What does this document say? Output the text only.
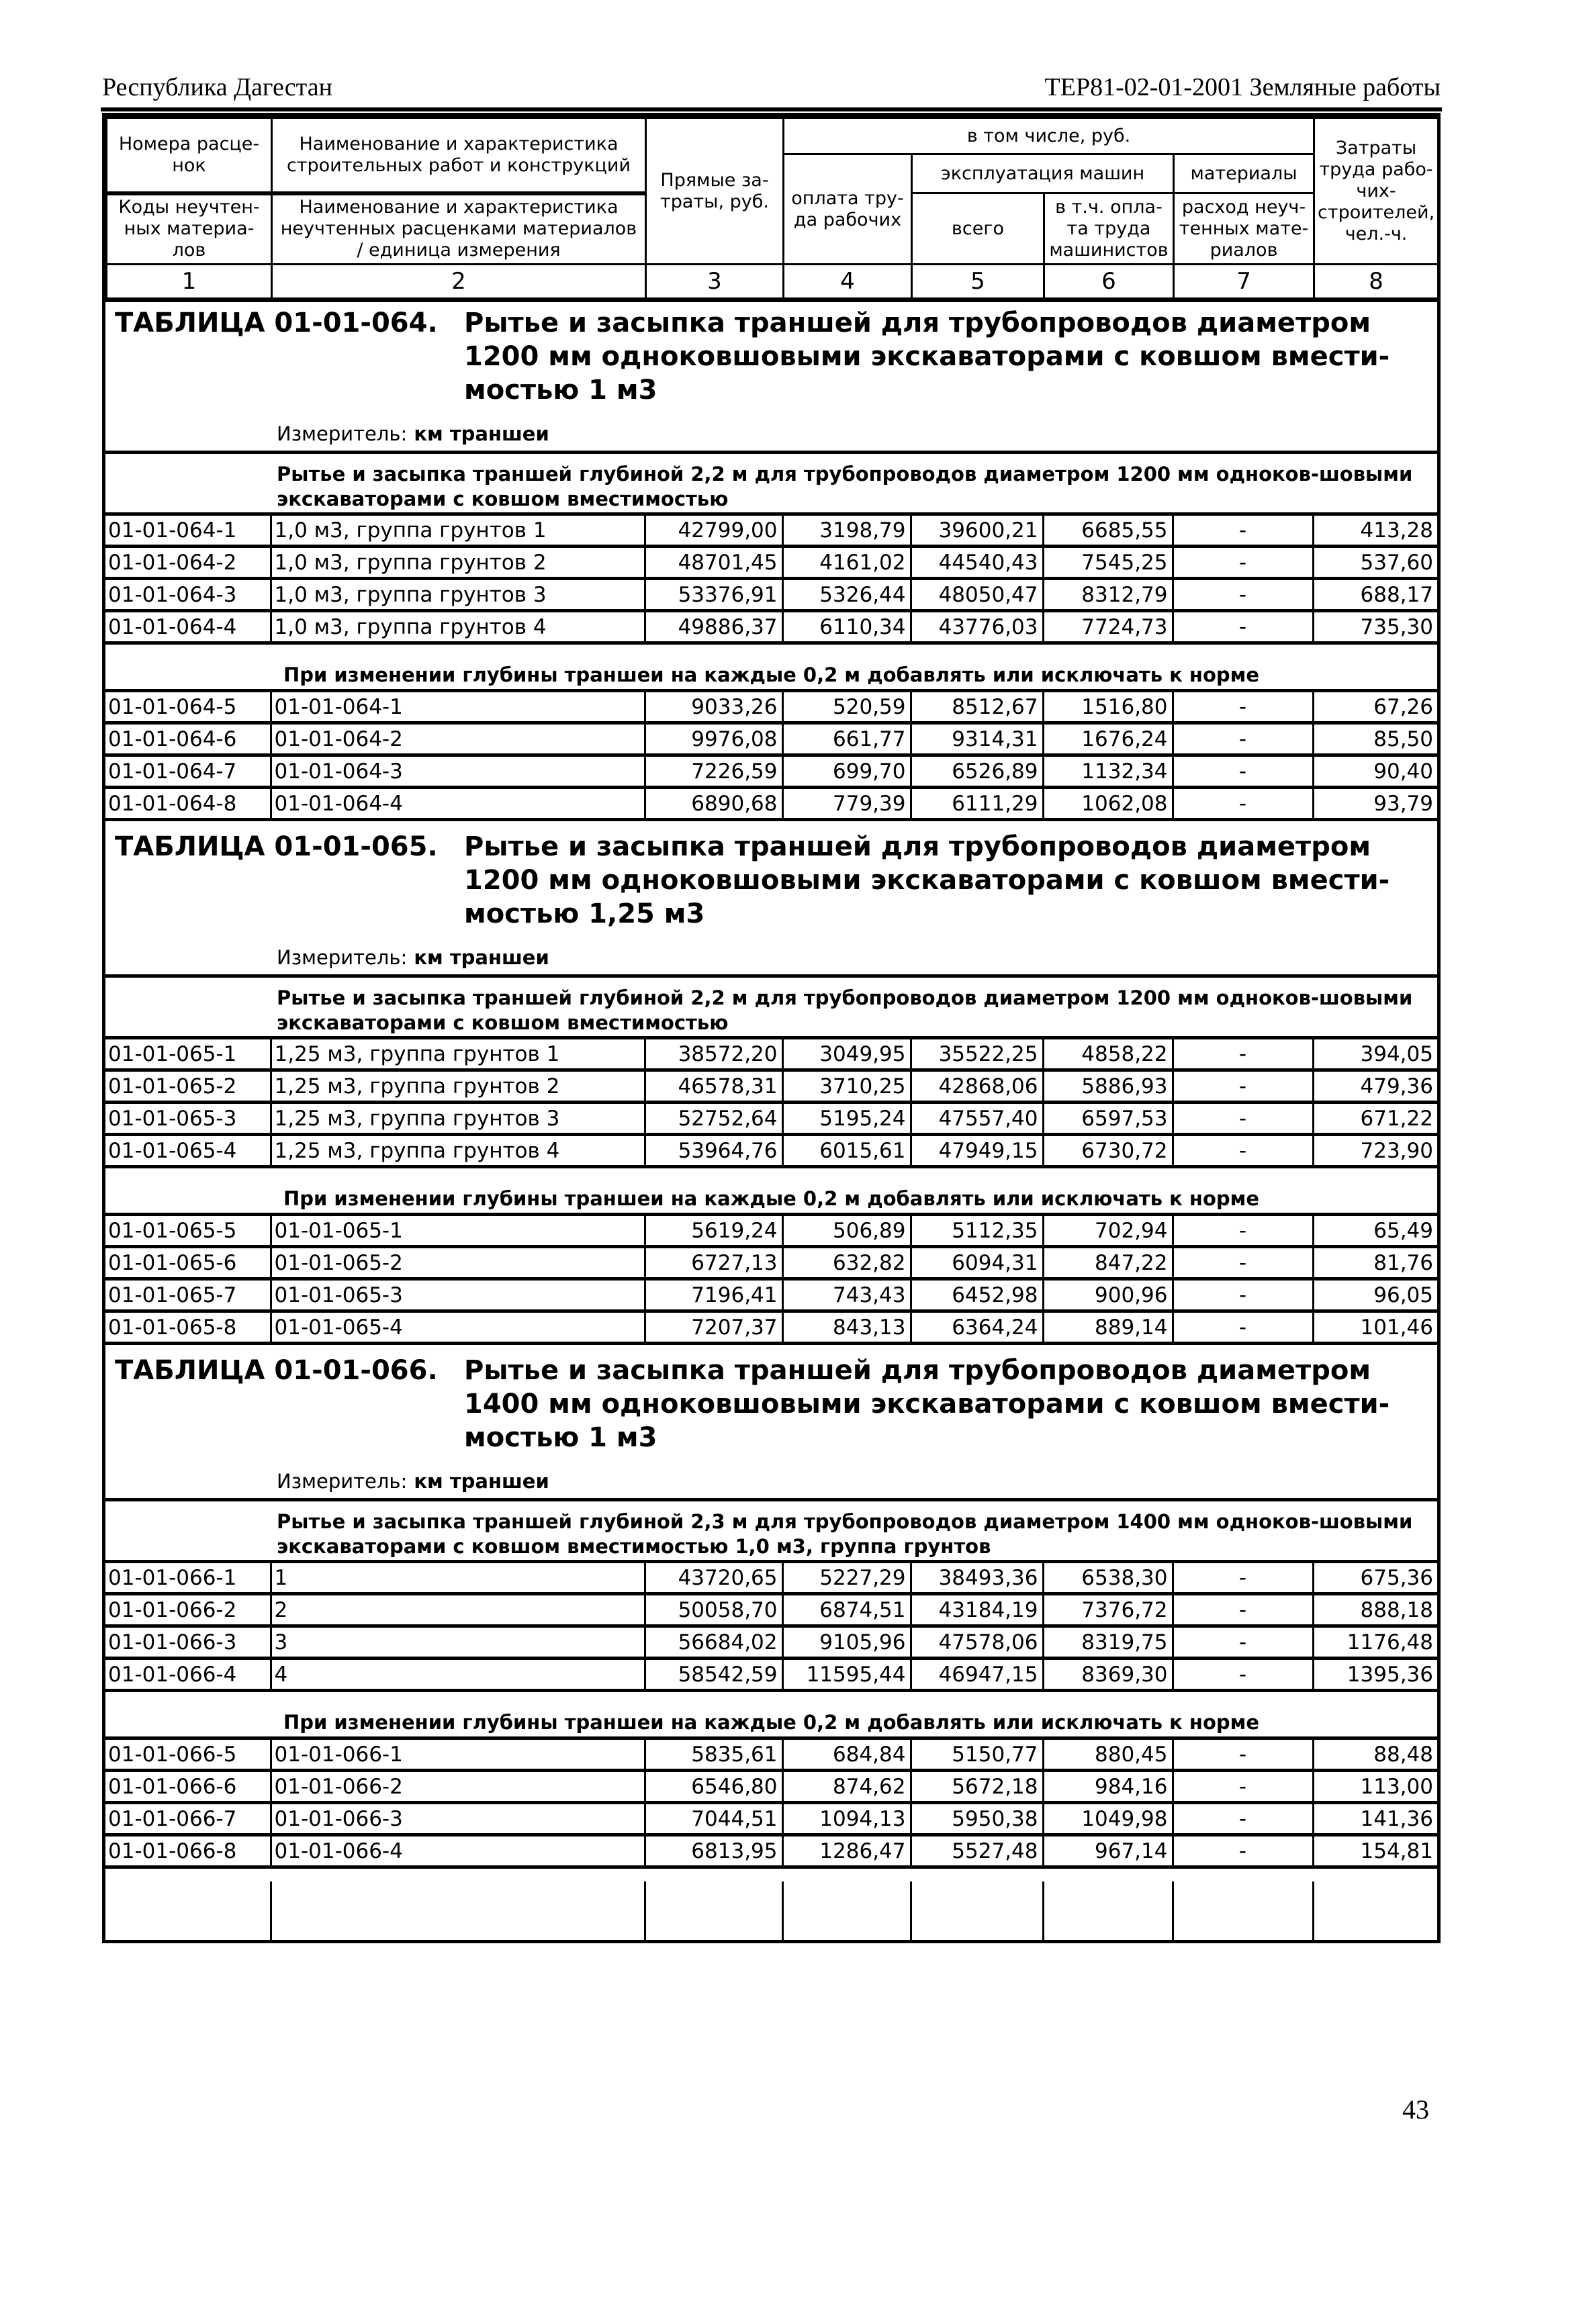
Республика Дагестан	ТЕР81-02-01-2001 Земляные работы
Номера расце-нок	Наименование и характеристика строительных работ и конструкций	Прямые за-траты, руб.	в том числе, руб.				Затраты труда рабо-чих-строителей, чел.-ч.
			оплата тру-да рабочих	эксплуатация машин		материалы	
Коды неучтен-ных материа-лов	Наименование и характеристика неучтенных расценками материалов / единица измерения			всего	в т.ч. опла-та труда машинистов	расход неуч-тенных мате-риалов	

1	2	3	4	5	6	7	8
ТАБЛИЦА 01-01-064. Рытье и засыпка траншей для трубопроводов диаметром 1200 мм одноковшовыми экскаваторами с ковшом вмести-мостью 1 м3
Измеритель: км траншеи
Рытье и засыпка траншей глубиной 2,2 м для трубопроводов диаметром 1200 мм одноков-шовыми экскаваторами с ковшом вместимостью
01-01-064-1	1,0 м3, группа грунтов 1	42799,00	3198,79	39600,21	6685,55	-	413,28
01-01-064-2	1,0 м3, группа грунтов 2	48701,45	4161,02	44540,43	7545,25	-	537,60
01-01-064-3	1,0 м3, группа грунтов 3	53376,91	5326,44	48050,47	8312,79	-	688,17
01-01-064-4	1,0 м3, группа грунтов 4	49886,37	6110,34	43776,03	7724,73	-	735,30
При изменении глубины траншеи на каждые 0,2 м добавлять или исключать к норме
01-01-064-5	01-01-064-1	9033,26	520,59	8512,67	1516,80	-	67,26
01-01-064-6	01-01-064-2	9976,08	661,77	9314,31	1676,24	-	85,50
01-01-064-7	01-01-064-3	7226,59	699,70	6526,89	1132,34	-	90,40
01-01-064-8	01-01-064-4	6890,68	779,39	6111,29	1062,08	-	93,79
ТАБЛИЦА 01-01-065. Рытье и засыпка траншей для трубопроводов диаметром 1200 мм одноковшовыми экскаваторами с ковшом вмести-мостью 1,25 м3
Измеритель: км траншеи
Рытье и засыпка траншей глубиной 2,2 м для трубопроводов диаметром 1200 мм одноков-шовыми экскаваторами с ковшом вместимостью
01-01-065-1	1,25 м3, группа грунтов 1	38572,20	3049,95	35522,25	4858,22	-	394,05
01-01-065-2	1,25 м3, группа грунтов 2	46578,31	3710,25	42868,06	5886,93	-	479,36
01-01-065-3	1,25 м3, группа грунтов 3	52752,64	5195,24	47557,40	6597,53	-	671,22
01-01-065-4	1,25 м3, группа грунтов 4	53964,76	6015,61	47949,15	6730,72	-	723,90
При изменении глубины траншеи на каждые 0,2 м добавлять или исключать к норме
01-01-065-5	01-01-065-1	5619,24	506,89	5112,35	702,94	-	65,49
01-01-065-6	01-01-065-2	6727,13	632,82	6094,31	847,22	-	81,76
01-01-065-7	01-01-065-3	7196,41	743,43	6452,98	900,96	-	96,05
01-01-065-8	01-01-065-4	7207,37	843,13	6364,24	889,14	-	101,46
ТАБЛИЦА 01-01-066. Рытье и засыпка траншей для трубопроводов диаметром 1400 мм одноковшовыми экскаваторами с ковшом вмести-мостью 1 м3
Измеритель: км траншеи
Рытье и засыпка траншей глубиной 2,3 м для трубопроводов диаметром 1400 мм одноков-шовыми экскаваторами с ковшом вместимостью 1,0 м3, группа грунтов
01-01-066-1	1	43720,65	5227,29	38493,36	6538,30	-	675,36
01-01-066-2	2	50058,70	6874,51	43184,19	7376,72	-	888,18
01-01-066-3	3	56684,02	9105,96	47578,06	8319,75	-	1176,48
01-01-066-4	4	58542,59	11595,44	46947,15	8369,30	-	1395,36
При изменении глубины траншеи на каждые 0,2 м добавлять или исключать к норме
01-01-066-5	01-01-066-1	5835,61	684,84	5150,77	880,45	-	88,48
01-01-066-6	01-01-066-2	6546,80	874,62	5672,18	984,16	-	113,00
01-01-066-7	01-01-066-3	7044,51	1094,13	5950,38	1049,98	-	141,36
01-01-066-8	01-01-066-4	6813,95	1286,47	5527,48	967,14	-	154,81

43
